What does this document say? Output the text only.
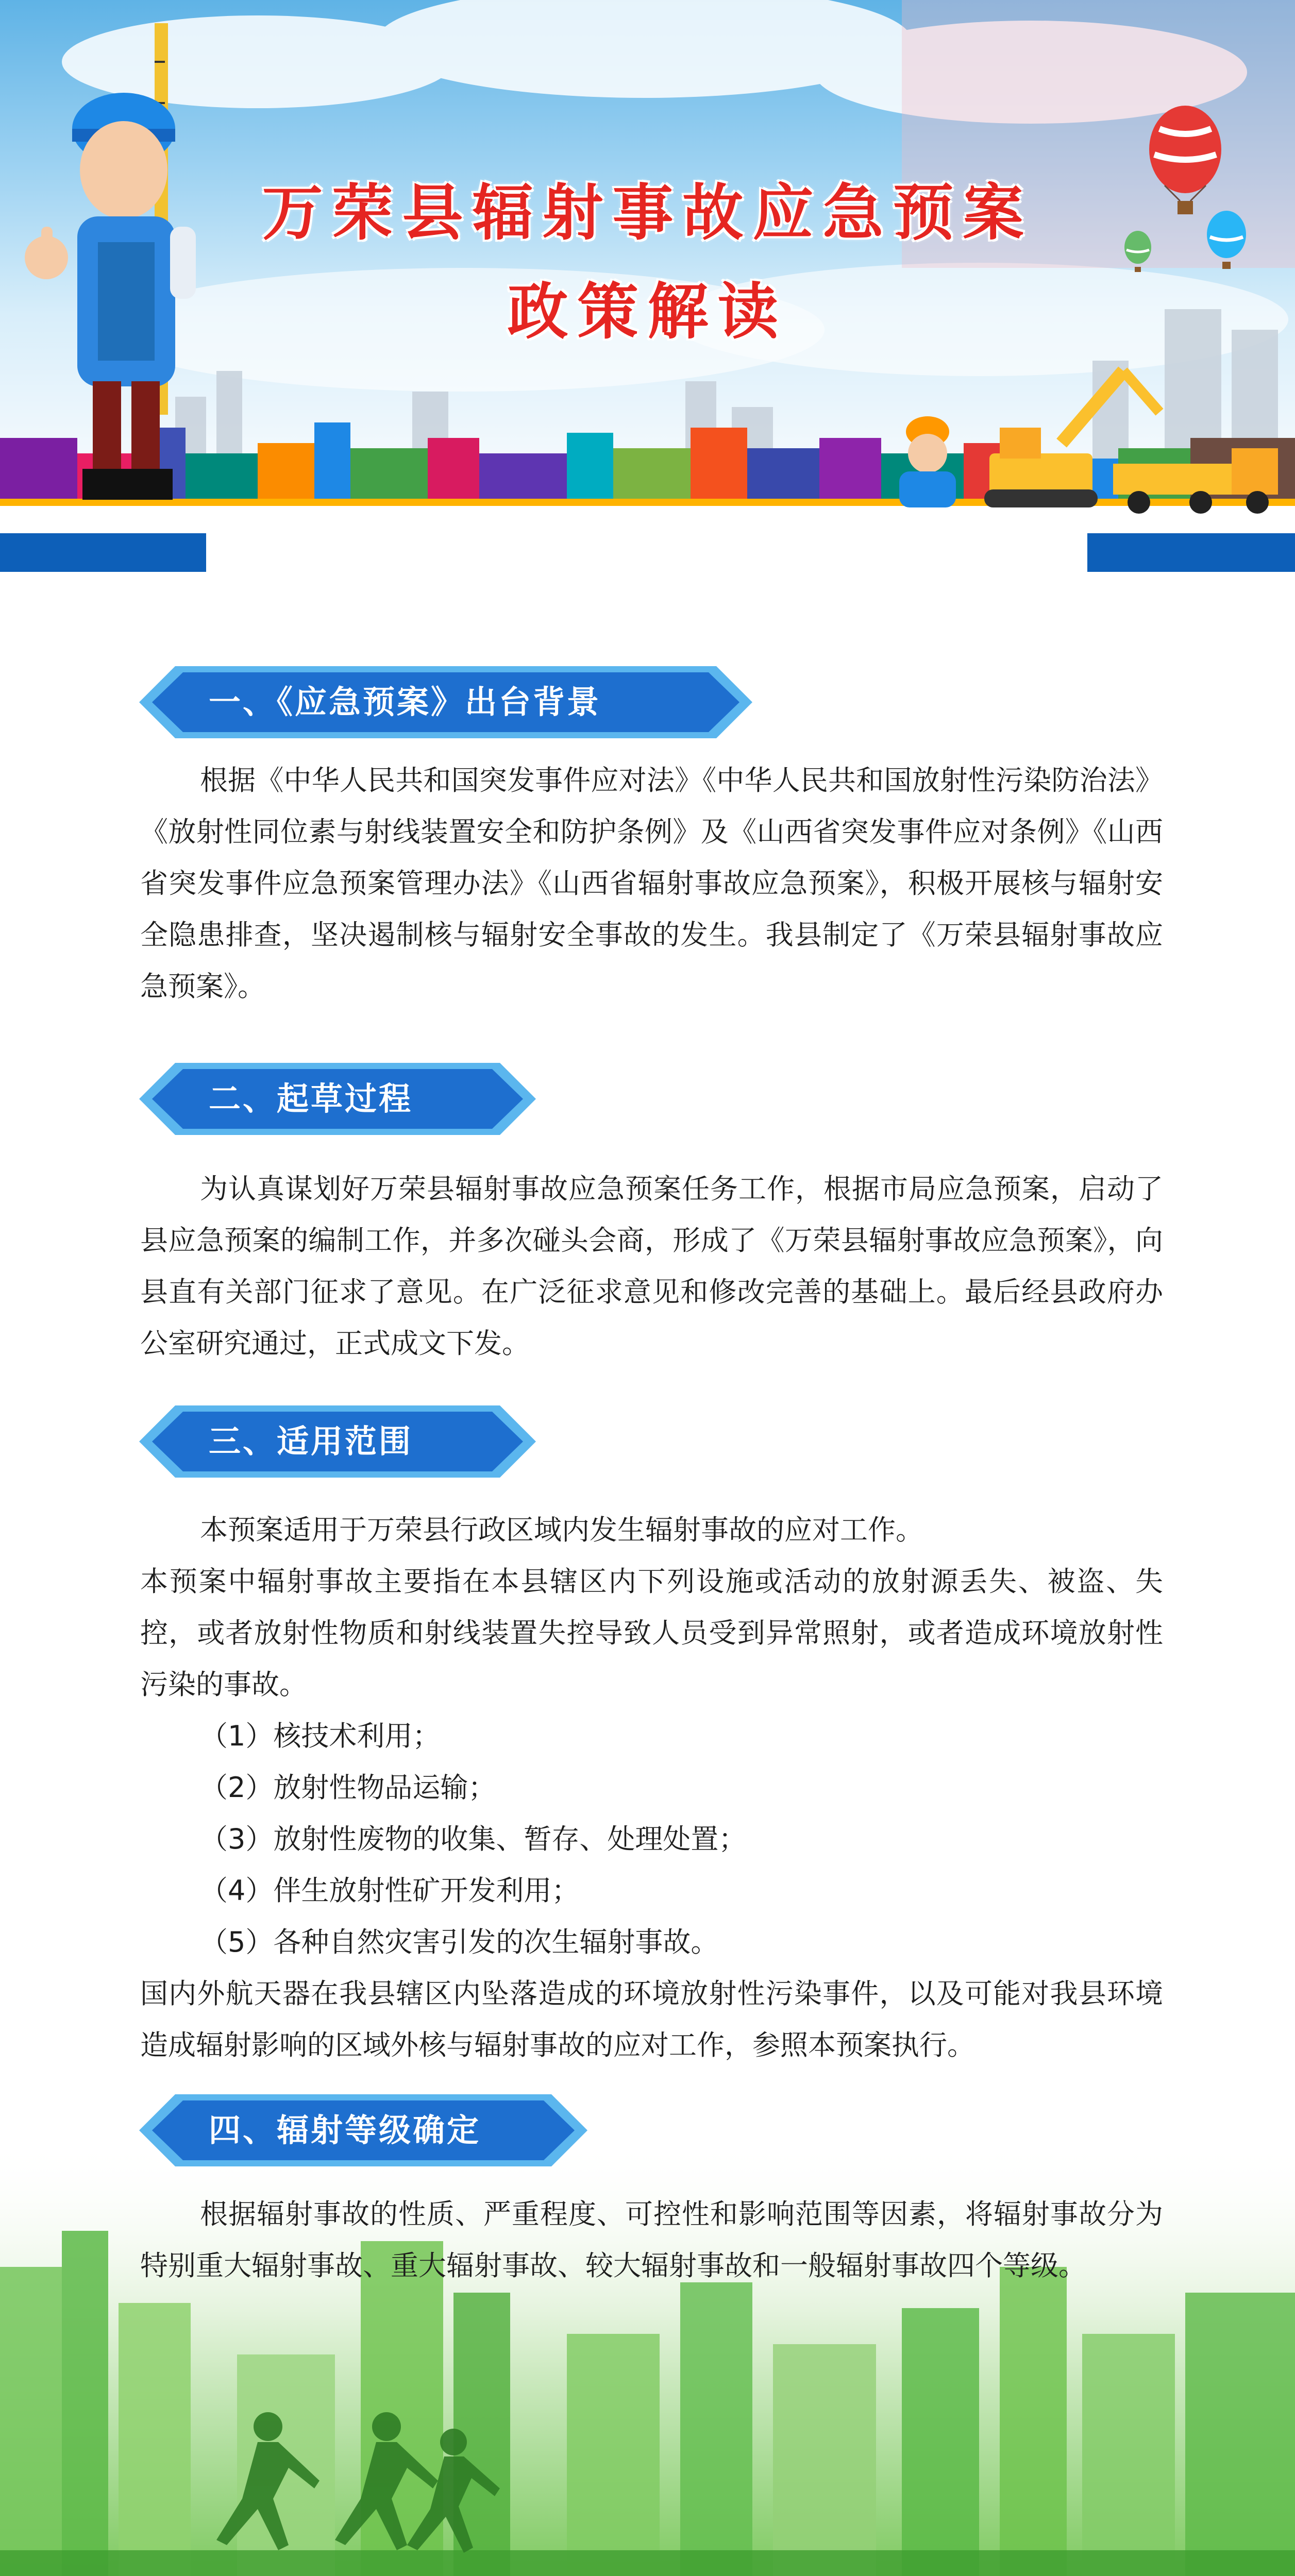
万荣县辐射事故应急预案
政策解读
一、《应急预案》出台背景

根据《中华人民共和国突发事件应对法》《中华人民共和国放射性污染防治法》《放射性同位素与射线装置安全和防护条例》及《山西省突发事件应对条例》《山西省突发事件应急预案管理办法》《山西省辐射事故应急预案》，积极开展核与辐射安全隐患排查，坚决遏制核与辐射安全事故的发生。我县制定了《万荣县辐射事故应急预案》。

二、起草过程

为认真谋划好万荣县辐射事故应急预案任务工作，根据市局应急预案，启动了县应急预案的编制工作，并多次碰头会商，形成了《万荣县辐射事故应急预案》，向县直有关部门征求了意见。在广泛征求意见和修改完善的基础上。最后经县政府办公室研究通过，正式成文下发。

三、适用范围

本预案适用于万荣县行政区域内发生辐射事故的应对工作。

本预案中辐射事故主要指在本县辖区内下列设施或活动的放射源丢失、被盗、失控，或者放射性物质和射线装置失控导致人员受到异常照射，或者造成环境放射性污染的事故。

（1）核技术利用；
（2）放射性物品运输；
（3）放射性废物的收集、暂存、处理处置；
（4）伴生放射性矿开发利用；
（5）各种自然灾害引发的次生辐射事故。

国内外航天器在我县辖区内坠落造成的环境放射性污染事件，以及可能对我县环境造成辐射影响的区域外核与辐射事故的应对工作，参照本预案执行。

四、辐射等级确定

根据辐射事故的性质、严重程度、可控性和影响范围等因素，将辐射事故分为特别重大辐射事故、重大辐射事故、较大辐射事故和一般辐射事故四个等级。
